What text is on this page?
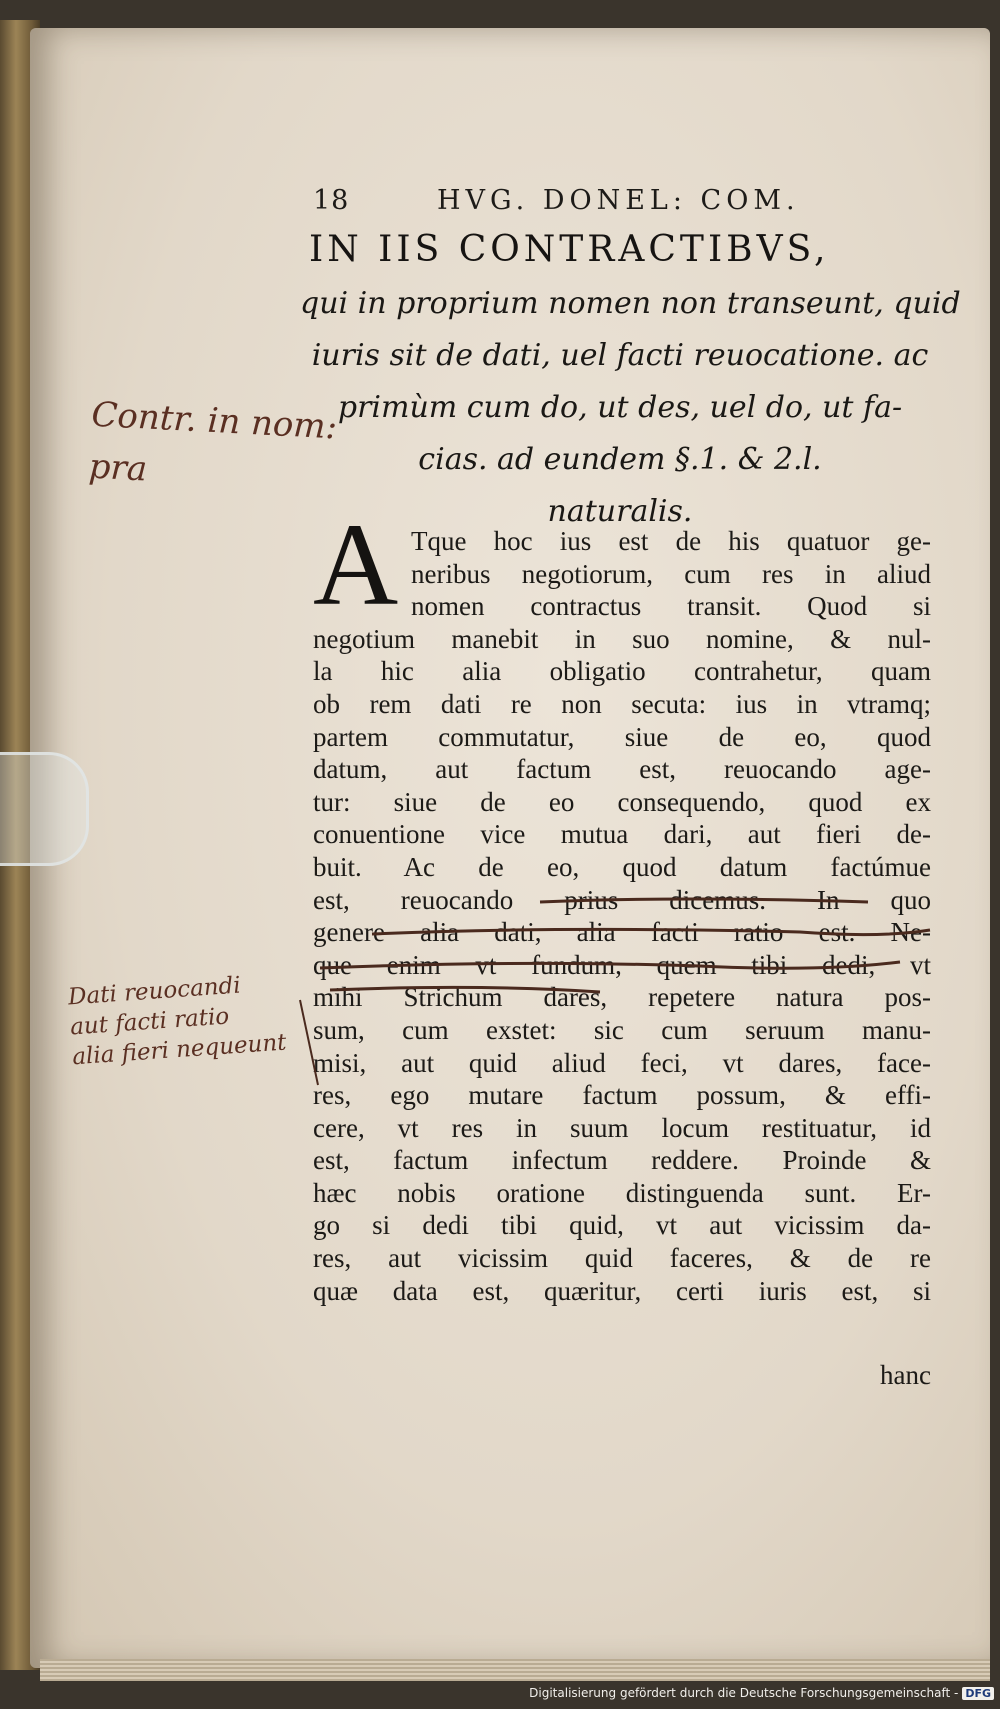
18	HVG. DONEL: COM.
IN IIS CONTRACTIBVS,
qui in proprium nomen non transeunt, quid
iuris sit de dati, uel facti reuocatione. ac
primùm cum do, ut des, uel do, ut fa-
cias. ad eundem §.1. & 2.l.
naturalis.
A Tque hoc ius est de his quatuor ge-
neribus negotiorum, cum res in aliud
nomen contractus transit. Quod si
negotium manebit in suo nomine, & nul-
la hic alia obligatio contrahetur, quam
ob rem dati re non secuta: ius in vtramq;
partem commutatur, siue de eo, quod
datum, aut factum est, reuocando age-
tur: siue de eo consequendo, quod ex
conuentione vice mutua dari, aut fieri de-
buit. Ac de eo, quod datum factúmue
est, reuocando prius dicemus. In quo
genere alia dati, alia facti ratio est. Ne-
que enim vt fundum, quem tibi dedi, vt
mihi Strichum dares, repetere natura pos-
sum, cum exstet: sic cum seruum manu-
misi, aut quid aliud feci, vt dares, face-
res, ego mutare factum possum, & effi-
cere, vt res in suum locum restituatur, id
est, factum infectum reddere. Proinde &
hæc nobis oratione distinguenda sunt. Er-
go si dedi tibi quid, vt aut vicissim da-
res, aut vicissim quid faceres, & de re
quæ data est, quæritur, certi iuris est, si
hanc
Contr. in nom:
pra
Dati reuocandi
aut facti ratio
alia fieri nequeunt
Digitalisierung gefördert durch die Deutsche Forschungsgemeinschaft - DFG
